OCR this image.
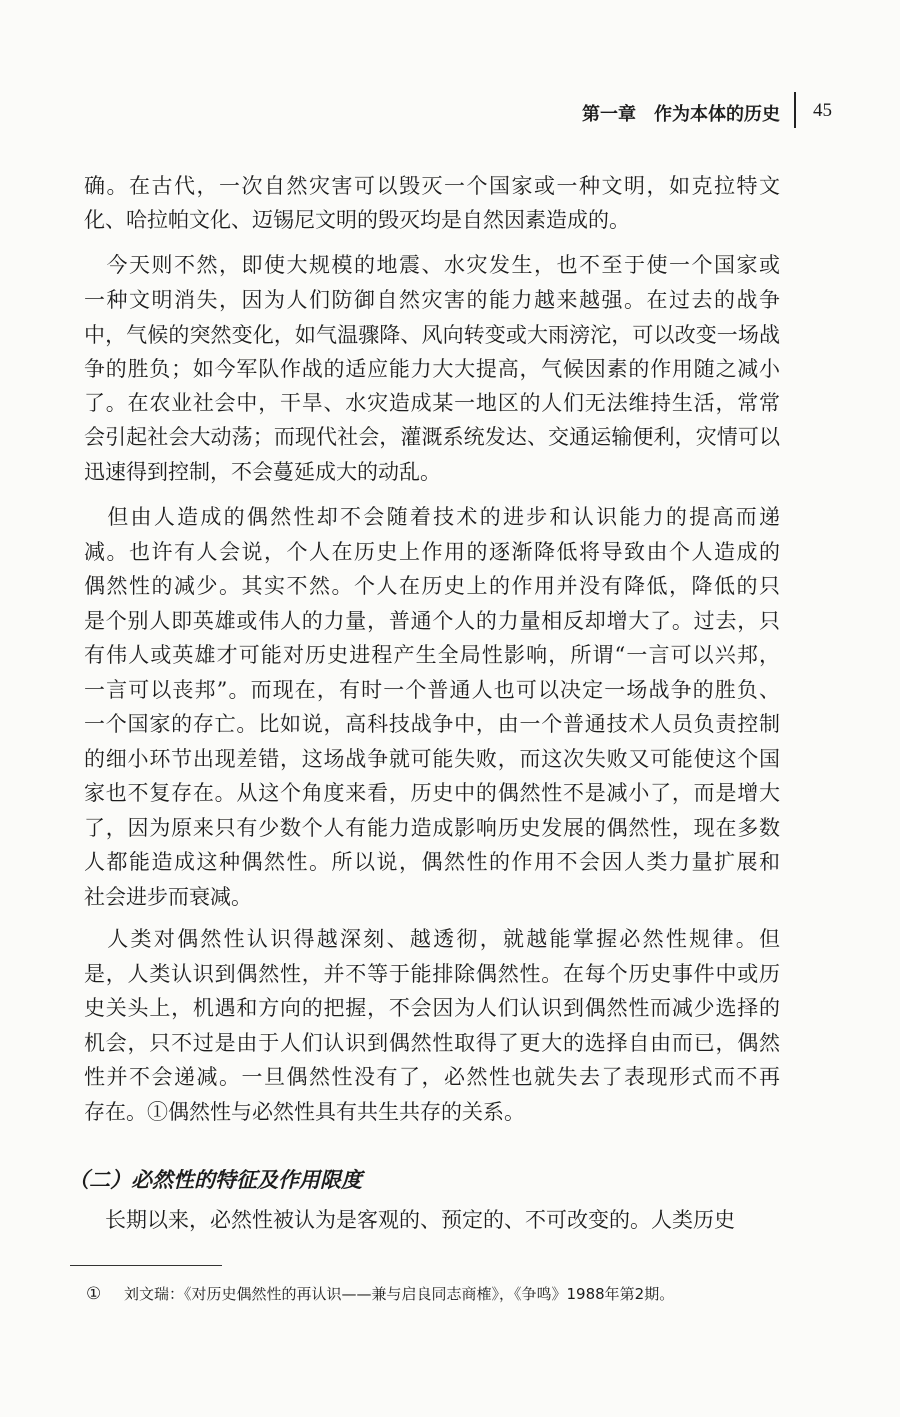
第一章　作为本体的历史 45
确。在古代，一次自然灾害可以毁灭一个国家或一种文明，如克拉特文
化、哈拉帕文化、迈锡尼文明的毁灭均是自然因素造成的。
　今天则不然，即使大规模的地震、水灾发生，也不至于使一个国家或
一种文明消失，因为人们防御自然灾害的能力越来越强。在过去的战争
中，气候的突然变化，如气温骤降、风向转变或大雨滂沱，可以改变一场战
争的胜负；如今军队作战的适应能力大大提高，气候因素的作用随之减小
了。在农业社会中，干旱、水灾造成某一地区的人们无法维持生活，常常
会引起社会大动荡；而现代社会，灌溉系统发达、交通运输便利，灾情可以
迅速得到控制，不会蔓延成大的动乱。
　但由人造成的偶然性却不会随着技术的进步和认识能力的提高而递
减。也许有人会说，个人在历史上作用的逐渐降低将导致由个人造成的
偶然性的减少。其实不然。个人在历史上的作用并没有降低，降低的只
是个别人即英雄或伟人的力量，普通个人的力量相反却增大了。过去，只
有伟人或英雄才可能对历史进程产生全局性影响，所谓“一言可以兴邦，
一言可以丧邦”。而现在，有时一个普通人也可以决定一场战争的胜负、
一个国家的存亡。比如说，高科技战争中，由一个普通技术人员负责控制
的细小环节出现差错，这场战争就可能失败，而这次失败又可能使这个国
家也不复存在。从这个角度来看，历史中的偶然性不是减小了，而是增大
了，因为原来只有少数个人有能力造成影响历史发展的偶然性，现在多数
人都能造成这种偶然性。所以说，偶然性的作用不会因人类力量扩展和
社会进步而衰减。
　人类对偶然性认识得越深刻、越透彻，就越能掌握必然性规律。但
是，人类认识到偶然性，并不等于能排除偶然性。在每个历史事件中或历
史关头上，机遇和方向的把握，不会因为人们认识到偶然性而减少选择的
机会，只不过是由于人们认识到偶然性取得了更大的选择自由而已，偶然
性并不会递减。一旦偶然性没有了，必然性也就失去了表现形式而不再
存在。①偶然性与必然性具有共生共存的关系。
（二）必然性的特征及作用限度
　长期以来，必然性被认为是客观的、预定的、不可改变的。人类历史
① 刘文瑞：《对历史偶然性的再认识——兼与启良同志商榷》，《争鸣》1988年第2期。
